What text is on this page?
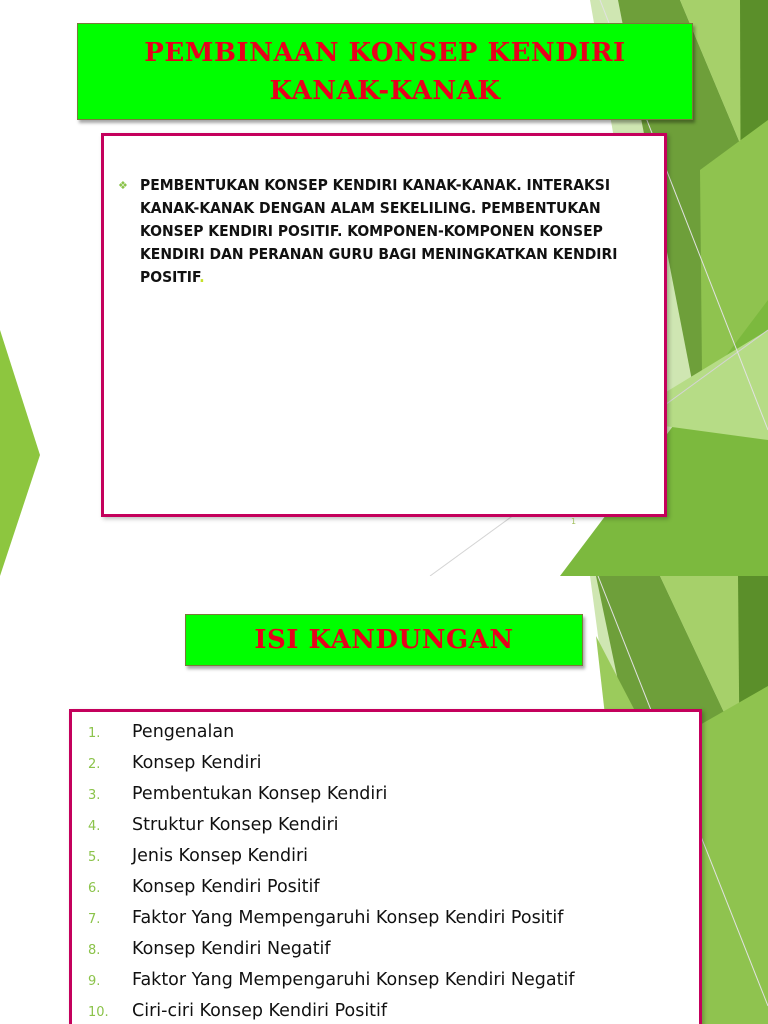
PEMBINAAN KONSEP KENDIRI
KANAK-KANAK
❖ PEMBENTUKAN KONSEP KENDIRI KANAK-KANAK. INTERAKSI KANAK-KANAK DENGAN ALAM SEKELILING. PEMBENTUKAN KONSEP KENDIRI POSITIF. KOMPONEN-KOMPONEN KONSEP KENDIRI DAN PERANAN GURU BAGI MENINGKATKAN KENDIRI POSITIF.
1
ISI KANDUNGAN
1.	Pengenalan
2.	Konsep Kendiri
3.	Pembentukan Konsep Kendiri
4.	Struktur Konsep Kendiri
5.	Jenis Konsep Kendiri
6.	Konsep Kendiri Positif
7.	Faktor Yang Mempengaruhi Konsep Kendiri Positif
8.	Konsep Kendiri Negatif
9.	Faktor Yang Mempengaruhi Konsep Kendiri Negatif
10.	Ciri-ciri Konsep Kendiri Positif
